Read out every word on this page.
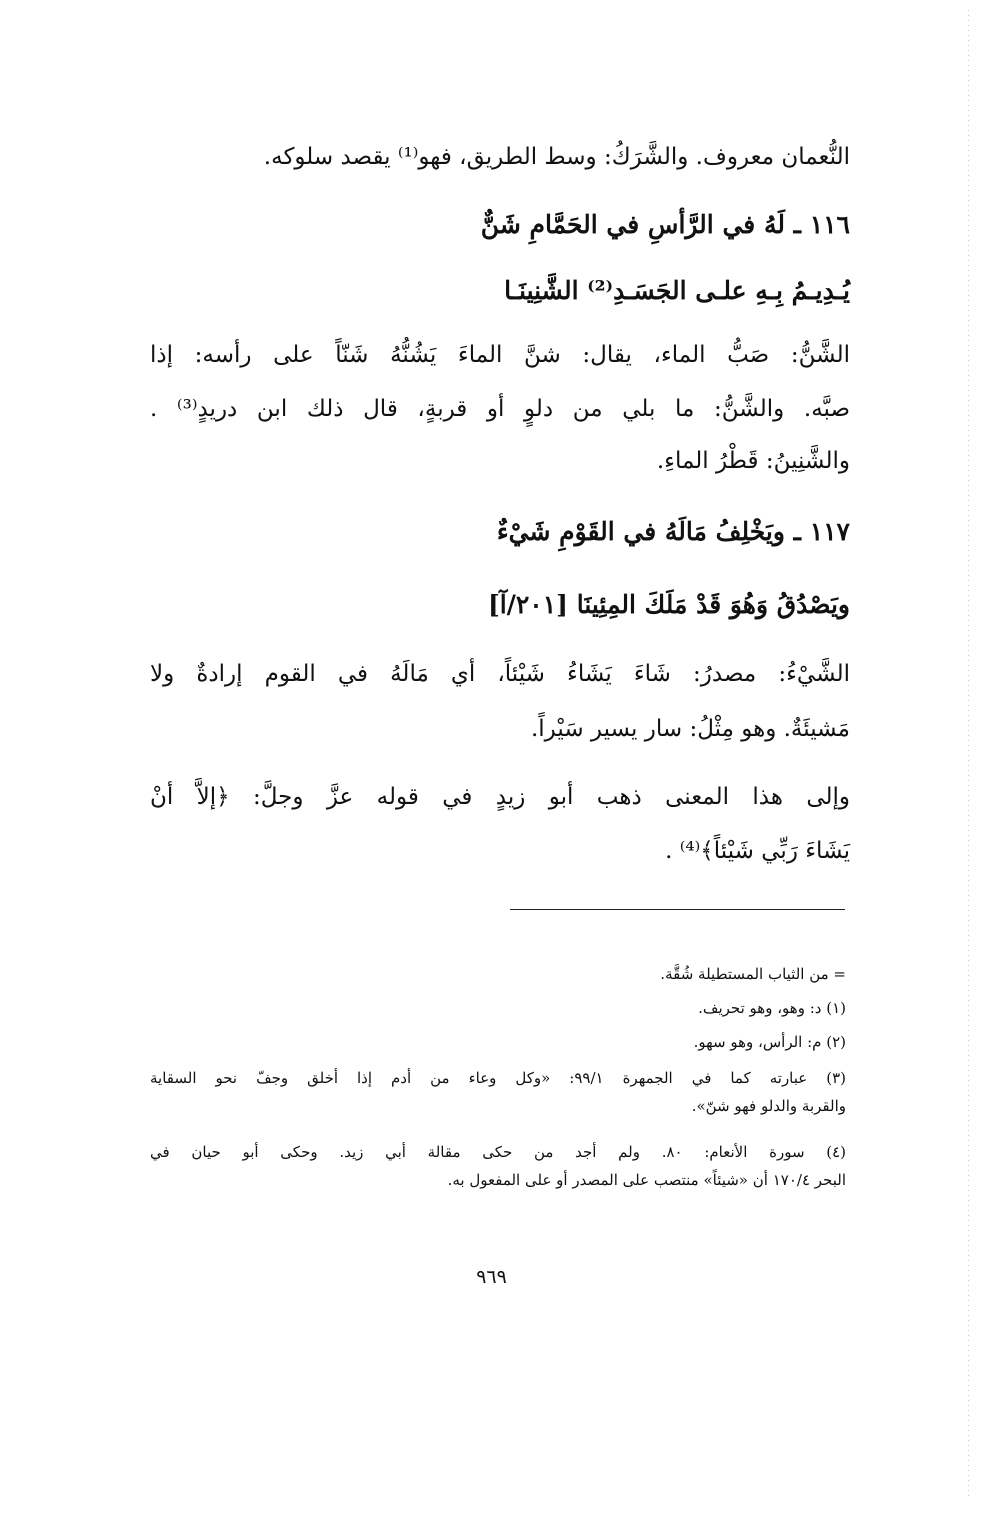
النُّعمان معروف. والشَّرَكُ: وسط الطريق، فهو⁽¹⁾ يقصد سلوكه.
١١٦ ـ لَهُ في الرَّأسِ في الحَمَّامِ شَنٌّ
يُـدِيـمُ بِـهِ علـى الجَسَـدِ⁽²⁾ الشَّنِينَـا
الشَّنُّ: صَبُّ الماء، يقال: شنَّ الماءَ يَشُنُّهُ شَنّاً على رأسه: إذا
صبَّه. والشَّنُّ: ما بلي من دلوٍ أو قربةٍ، قال ذلك ابن دريدٍ⁽³⁾ .
والشَّنِينُ: قَطْرُ الماءِ.
١١٧ ـ ويَخْلِفُ مَالَهُ في القَوْمِ شَيْءٌ
ويَصْدُقُ وَهُوَ قَدْ مَلَكَ المِئِينَا [٢٠١/آ]
الشَّيْءُ: مصدرُ: شَاءَ يَشَاءُ شَيْئاً، أي مَالَهُ في القوم إرادةٌ ولا
مَشيئَةٌ. وهو مِثْلُ: سار يسير سَيْراً.
وإلى هذا المعنى ذهب أبو زيدٍ في قوله عزَّ وجلَّ: ﴿إلاَّ أنْ
يَشَاءَ رَبِّي شَيْئاً﴾⁽⁴⁾ .
= من الثياب المستطيلة شُقَّة.
(١) د: وهو، وهو تحريف.
(٢) م: الرأس، وهو سهو.
(٣) عبارته كما في الجمهرة ٩٩/١: «وكل وعاء من أدم إذا أخلق وجفّ نحو السقاية
والقربة والدلو فهو شنّ».
(٤) سورة الأنعام: ٨٠. ولم أجد من حكى مقالة أبي زيد. وحكى أبو حيان في
البحر ١٧٠/٤ أن «شيئاً» منتصب على المصدر أو على المفعول به.
٩٦٩
